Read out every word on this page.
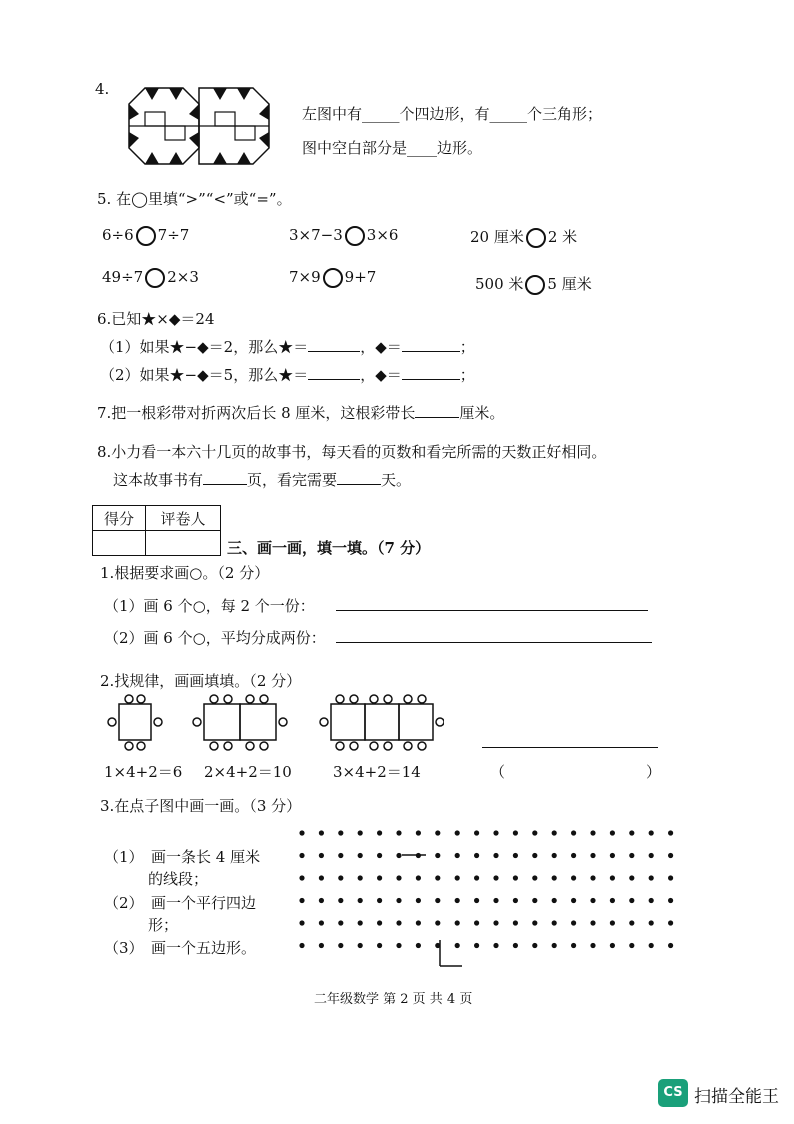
4.
左图中有_____个四边形，有_____个三角形；
图中空白部分是____边形。
5. 在◯里填“>”“<”或“=”。
6÷6 7÷7	3×7−3 3×6	20 厘米 2 米
49÷7 2×3	7×9 9+7	500 米 5 厘米
6.已知★×◆＝24
（1）如果★−◆＝2，那么★＝	，◆＝	；
（2）如果★−◆＝5，那么★＝	，◆＝	；
7.把一根彩带对折两次后长 8 厘米，这根彩带长	厘米。
8.小力看一本六十几页的故事书，每天看的页数和看完所需的天数正好相同。
这本故事书有	页，看完需要	天。
得分	评卷人

三、画一画，填一填。（7 分）
1.根据要求画○。（2 分）
（1）画 6 个○，每 2 个一份：
（2）画 6 个○，平均分成两份：
2.找规律，画画填填。（2 分）
1×4+2＝6 2×4+2＝10	3×4+2＝14	（	）
3.在点子图中画一画。（3 分）
（1）　画一条长 4 厘米
的线段；
（2）　画一个平行四边
形；
（3）　画一个五边形。
二年级数学 第 2 页 共 4 页
CS 扫描全能王
